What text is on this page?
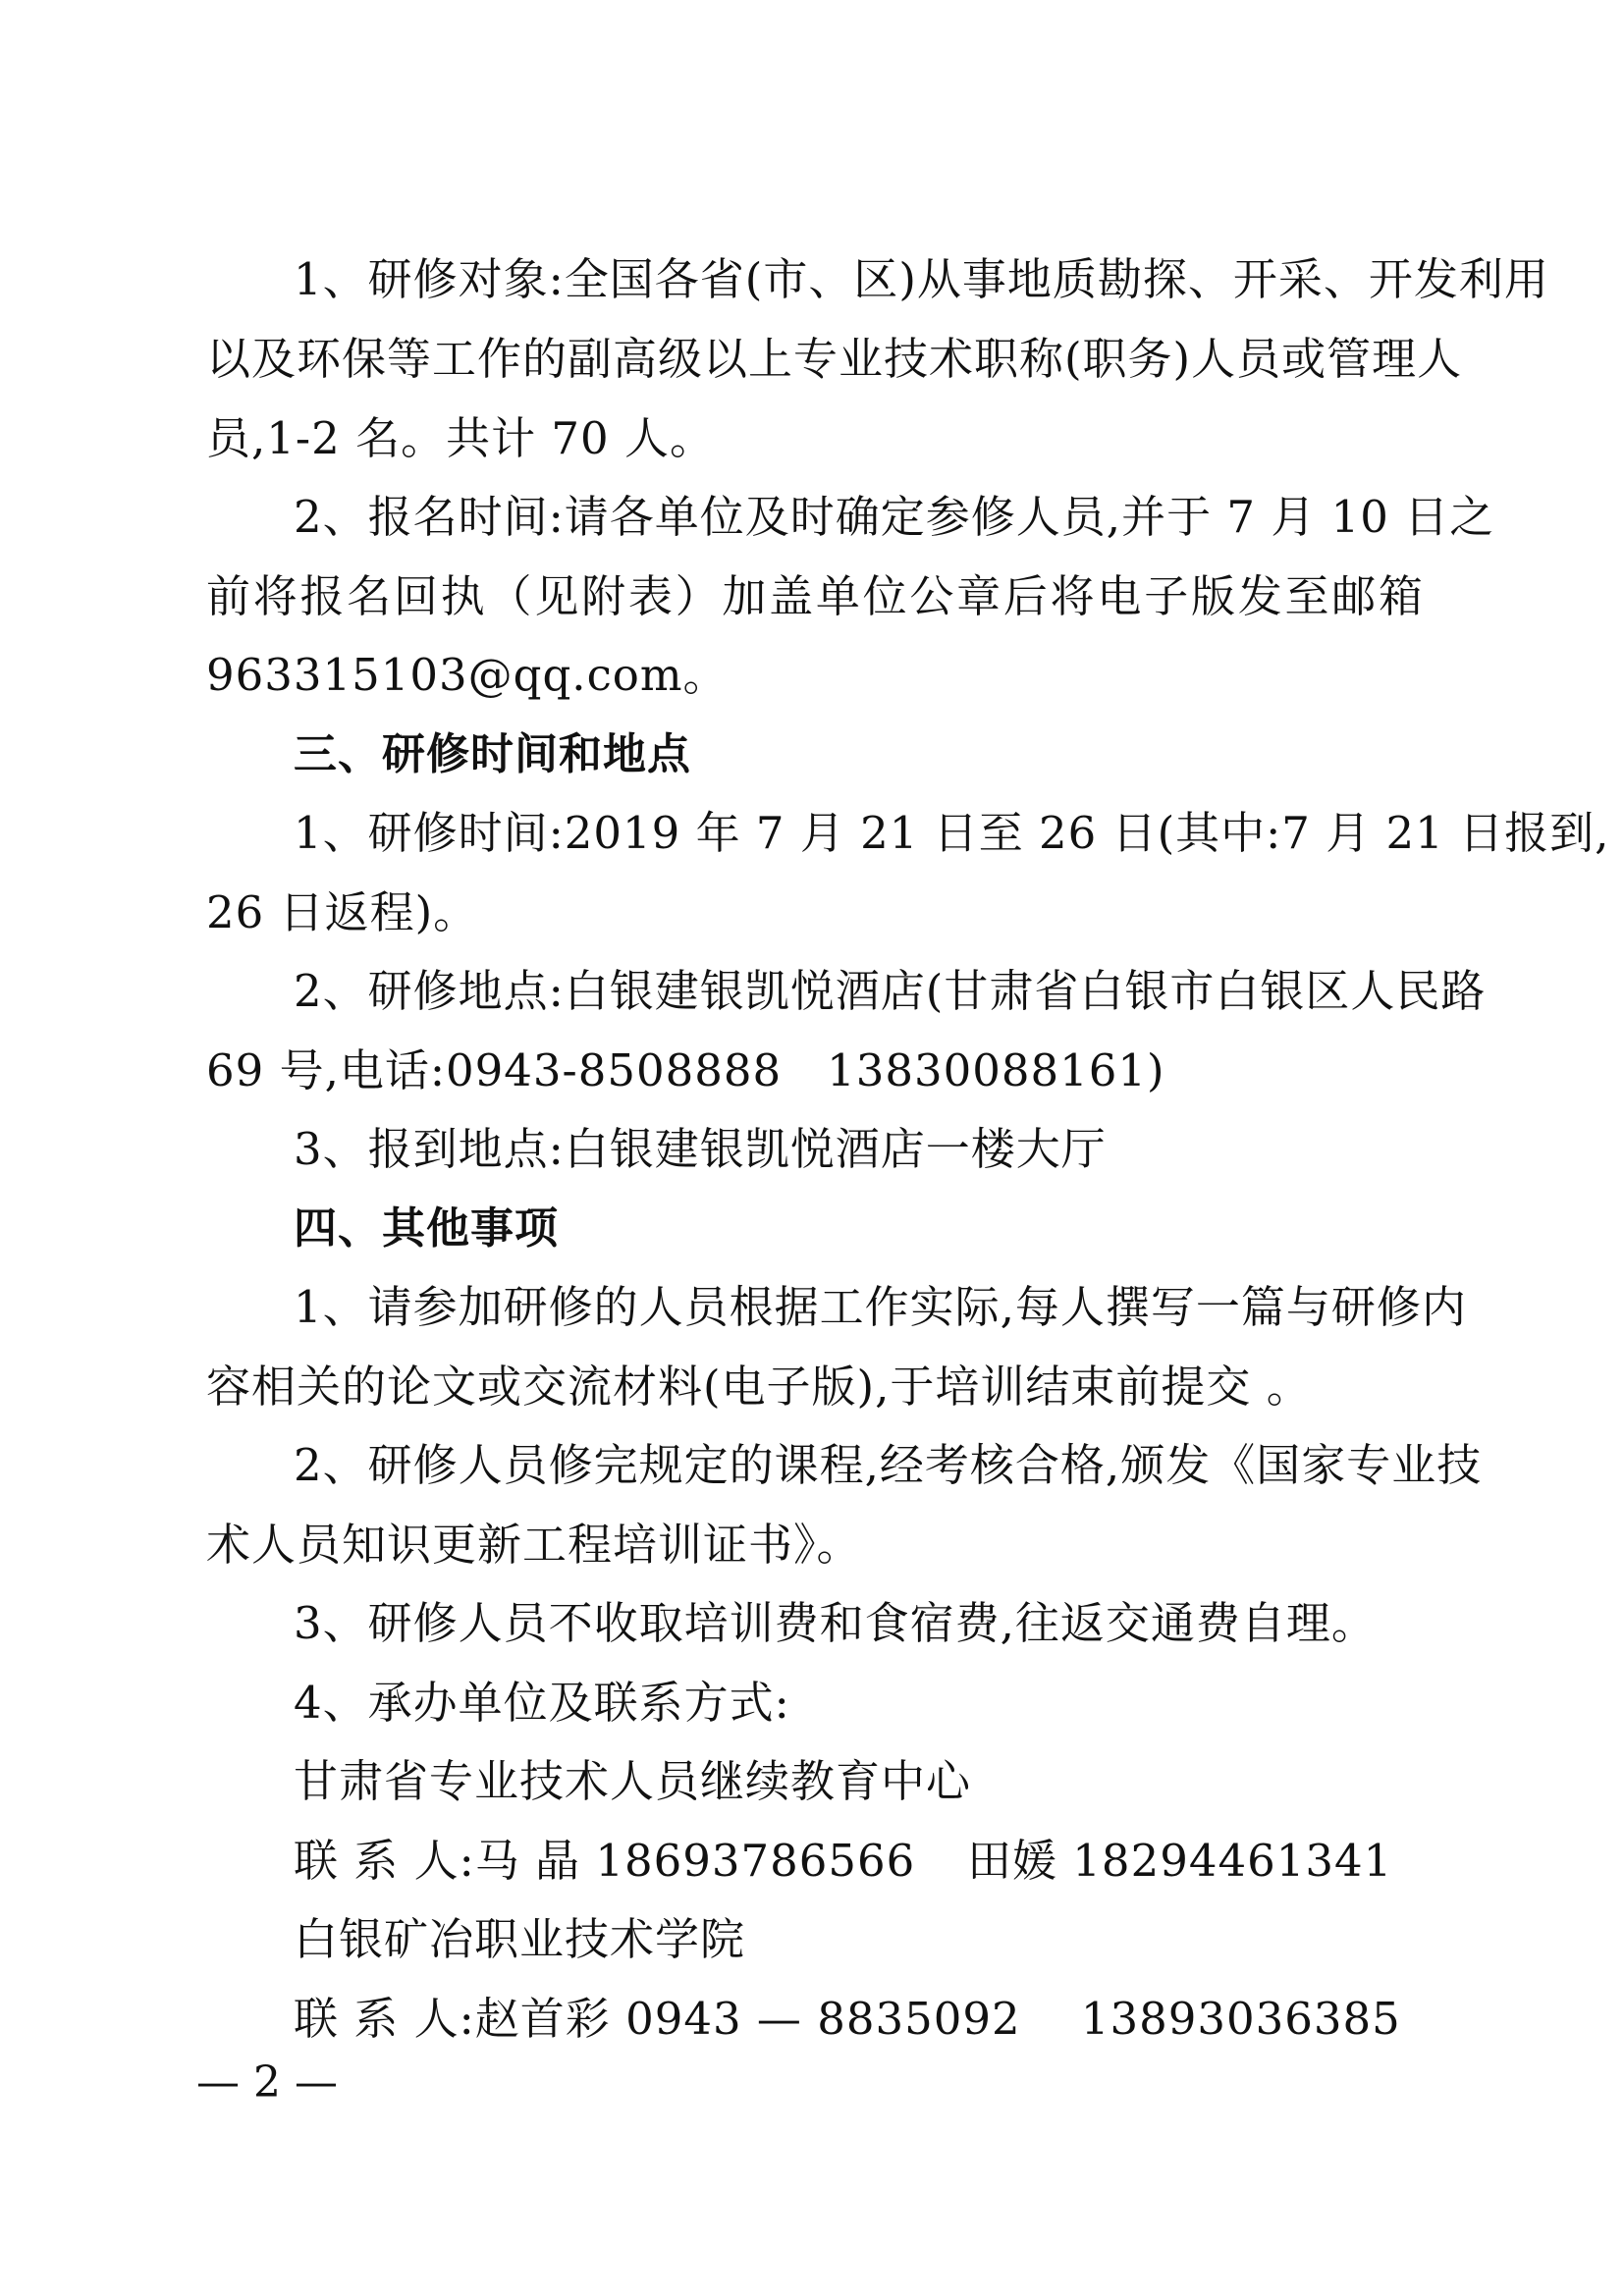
1、研修对象:全国各省(市、区)从事地质勘探、开采、开发利用
以及环保等工作的副高级以上专业技术职称(职务)人员或管理人
员,1-2 名。共计 70 人。
2、报名时间:请各单位及时确定参修人员,并于 7 月 10 日之
前将报名回执（见附表）加盖单位公章后将电子版发至邮箱
963315103@qq.com。
三、研修时间和地点
1、研修时间:2019 年 7 月 21 日至 26 日(其中:7 月 21 日报到,
26 日返程)。
2、研修地点:白银建银凯悦酒店(甘肃省白银市白银区人民路
69 号,电话:0943-8508888   13830088161)
3、报到地点:白银建银凯悦酒店一楼大厅
四、其他事项
1、请参加研修的人员根据工作实际,每人撰写一篇与研修内
容相关的论文或交流材料(电子版),于培训结束前提交 。
2、研修人员修完规定的课程,经考核合格,颁发《国家专业技
术人员知识更新工程培训证书》。
3、研修人员不收取培训费和食宿费,往返交通费自理。
4、承办单位及联系方式:
甘肃省专业技术人员继续教育中心
联 系 人:马 晶 18693786566 田媛 18294461341
白银矿冶职业技术学院
联 系 人:赵首彩 0943 — 8835092    13893036385
— 2 —
